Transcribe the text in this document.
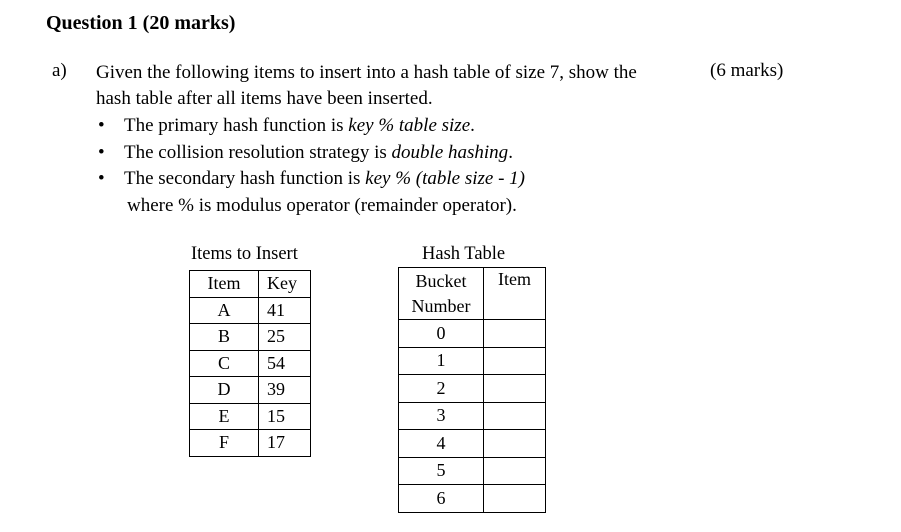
Question 1 (20 marks)
a) Given the following items to insert into a hash table of size 7, show the
hash table after all items have been inserted.
(6 marks)
• The primary hash function is key % table size.
• The collision resolution strategy is double hashing.
• The secondary hash function is key % (table size - 1)
where % is modulus operator (remainder operator).
Items to Insert
Item	Key
A	41
B	25
C	54
D	39
E	15
F	17
Hash Table
Bucket
Number	Item
0	
1	
2	
3	
4	
5	
6	
